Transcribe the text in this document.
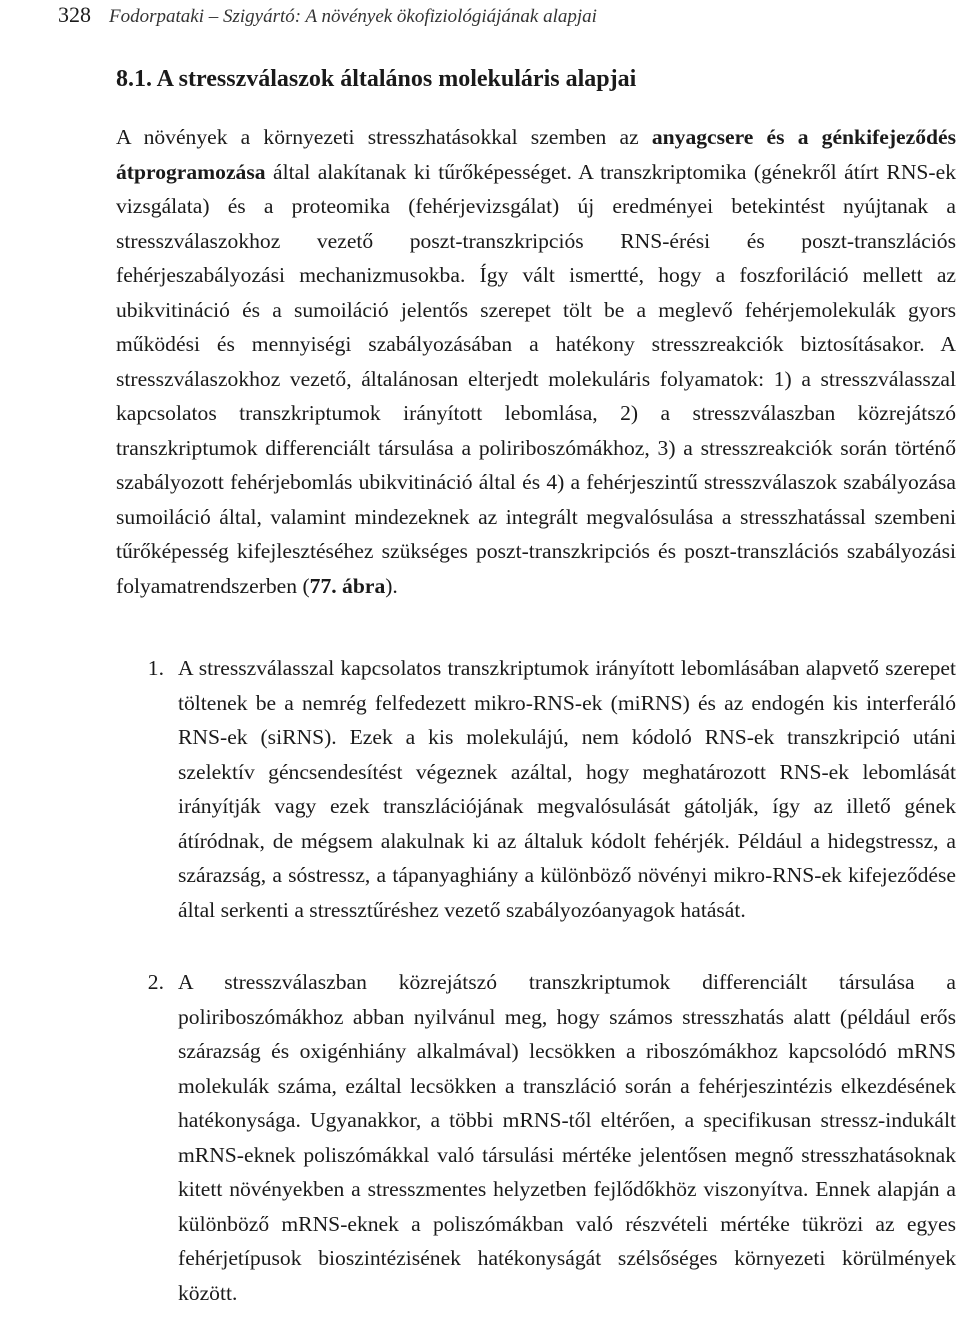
328 Fodorpataki – Szigyártó: A növények ökofiziológiájának alapjai
8.1. A stresszválaszok általános molekuláris alapjai

A növények a környezeti stresszhatásokkal szemben az anyagcsere és a génkifejeződés átprogramozása által alakítanak ki tűrőképességet. A transzkriptomika (génekről átírt RNS-ek vizsgálata) és a proteomika (fehérjevizsgálat) új eredményei betekintést nyújtanak a stresszválaszokhoz vezető poszt-transzkripciós RNS-érési és poszt-transzlációs fehérjeszabályozási mechanizmusokba. Így vált ismertté, hogy a foszforiláció mellett az ubikvitináció és a sumoiláció jelentős szerepet tölt be a meglevő fehérjemolekulák gyors működési és mennyiségi szabályozásában a hatékony stresszreakciók biztosításakor. A stresszválaszokhoz vezető, általánosan elterjedt molekuláris folyamatok: 1) a stresszválasszal kapcsolatos transzkriptumok irányított lebomlása, 2) a stresszválaszban közrejátszó transzkriptumok differenciált társulása a poliriboszómákhoz, 3) a stresszreakciók során történő szabályozott fehérjebomlás ubikvitináció által és 4) a fehérjeszintű stresszválaszok szabályozása sumoiláció által, valamint mindezeknek az integrált megvalósulása a stresszhatással szembeni tűrőképesség kifejlesztéséhez szükséges poszt-transzkripciós és poszt-transzlációs szabályozási folyamatrendszerben (77. ábra).

1. A stresszválasszal kapcsolatos transzkriptumok irányított lebomlásában alapvető szerepet töltenek be a nemrég felfedezett mikro-RNS-ek (miRNS) és az endogén kis interferáló RNS-ek (siRNS). Ezek a kis molekulájú, nem kódoló RNS-ek transzkripció utáni szelektív géncsendesítést végeznek azáltal, hogy meghatározott RNS-ek lebomlását irányítják vagy ezek transzlációjának megvalósulását gátolják, így az illető gének átíródnak, de mégsem alakulnak ki az általuk kódolt fehérjék. Például a hidegstressz, a szárazság, a sóstressz, a tápanyaghiány a különböző növényi mikro-RNS-ek kifejeződése által serkenti a stressztűréshez vezető szabályozóanyagok hatását.
2. A stresszválaszban közrejátszó transzkriptumok differenciált társulása a poliriboszómákhoz abban nyilvánul meg, hogy számos stresszhatás alatt (például erős szárazság és oxigénhiány alkalmával) lecsökken a riboszómákhoz kapcsolódó mRNS molekulák száma, ezáltal lecsökken a transzláció során a fehérjeszintézis elkezdésének hatékonysága. Ugyanakkor, a többi mRNS-től eltérően, a specifikusan stressz-indukált mRNS-eknek poliszómákkal való társulási mértéke jelentősen megnő stresszhatásoknak kitett növényekben a stresszmentes helyzetben fejlődőkhöz viszonyítva. Ennek alapján a különböző mRNS-eknek a poliszómákban való részvételi mértéke tükrözi az egyes fehérjetípusok bioszintézisének hatékonyságát szélsőséges környezeti körülmények között.
